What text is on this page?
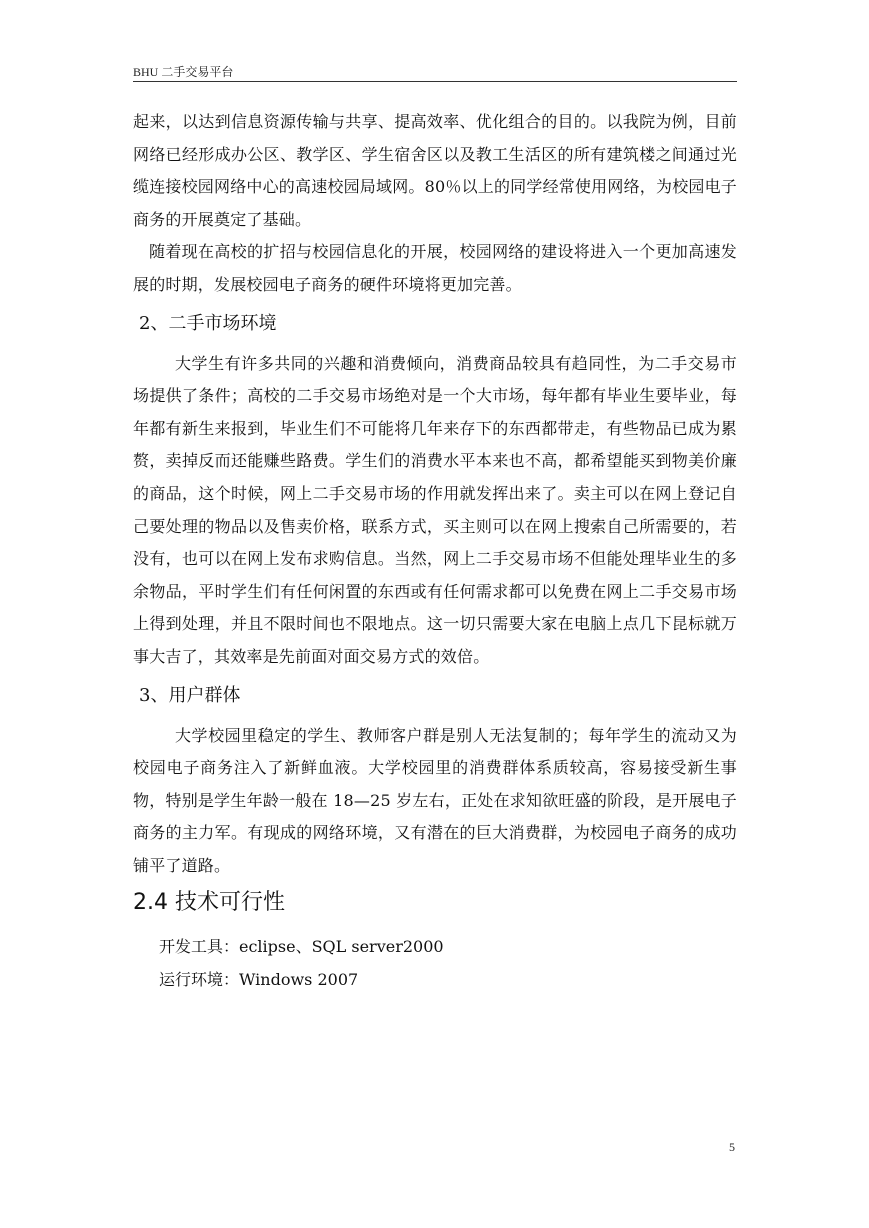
BHU 二手交易平台

起来，以达到信息资源传输与共享、提高效率、优化组合的目的。以我院为例，目前网络已经形成办公区、教学区、学生宿舍区以及教工生活区的所有建筑楼之间通过光缆连接校园网络中心的高速校园局域网。80％以上的同学经常使用网络，为校园电子商务的开展奠定了基础。

随着现在高校的扩招与校园信息化的开展，校园网络的建设将进入一个更加高速发展的时期，发展校园电子商务的硬件环境将更加完善。

2、二手市场环境

大学生有许多共同的兴趣和消费倾向，消费商品较具有趋同性，为二手交易市场提供了条件；高校的二手交易市场绝对是一个大市场，每年都有毕业生要毕业，每年都有新生来报到，毕业生们不可能将几年来存下的东西都带走，有些物品已成为累赘，卖掉反而还能赚些路费。学生们的消费水平本来也不高，都希望能买到物美价廉的商品，这个时候，网上二手交易市场的作用就发挥出来了。卖主可以在网上登记自己要处理的物品以及售卖价格，联系方式，买主则可以在网上搜索自己所需要的，若没有，也可以在网上发布求购信息。当然，网上二手交易市场不但能处理毕业生的多余物品，平时学生们有任何闲置的东西或有任何需求都可以免费在网上二手交易市场上得到处理，并且不限时间也不限地点。这一切只需要大家在电脑上点几下昆标就万事大吉了，其效率是先前面对面交易方式的效倍。

3、用户群体

大学校园里稳定的学生、教师客户群是别人无法复制的；每年学生的流动又为校园电子商务注入了新鲜血液。大学校园里的消费群体系质较高，容易接受新生事物，特别是学生年龄一般在 18—25 岁左右，正处在求知欲旺盛的阶段，是开展电子商务的主力军。有现成的网络环境，又有潜在的巨大消费群，为校园电子商务的成功铺平了道路。

2.4 技术可行性

开发工具：eclipse、SQL server2000

运行环境：Windows 2007

5
